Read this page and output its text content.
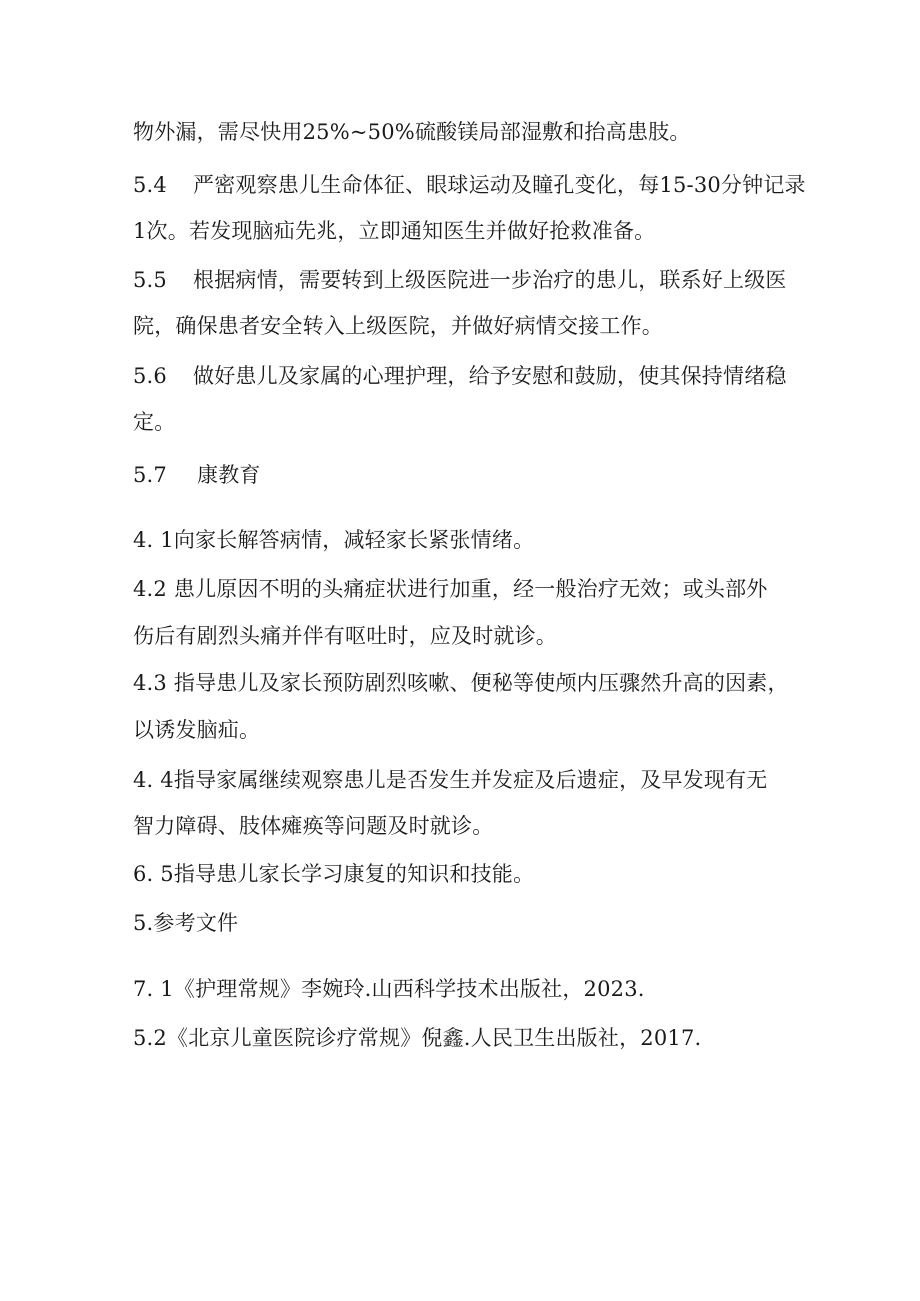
物外漏，需尽快用25%~50%硫酸镁局部湿敷和抬高患肢。
5.4 严密观察患儿生命体征、眼球运动及瞳孔变化，每15-30分钟记录
1次。若发现脑疝先兆，立即通知医生并做好抢救准备。
5.5 根据病情，需要转到上级医院进一步治疗的患儿，联系好上级医
院，确保患者安全转入上级医院，并做好病情交接工作。
5.6 做好患儿及家属的心理护理，给予安慰和鼓励，使其保持情绪稳
定。
5.7 康教育
4. 1向家长解答病情，减轻家长紧张情绪。
4.2 患儿原因不明的头痛症状进行加重，经一般治疗无效；或头部外
伤后有剧烈头痛并伴有呕吐时，应及时就诊。
4.3 指导患儿及家长预防剧烈咳嗽、便秘等使颅内压骤然升高的因素，
以诱发脑疝。
4. 4指导家属继续观察患儿是否发生并发症及后遗症，及早发现有无
智力障碍、肢体瘫痪等问题及时就诊。
6. 5指导患儿家长学习康复的知识和技能。
5.参考文件
7. 1《护理常规》李婉玲.山西科学技术出版社，2023.
5.2《北京儿童医院诊疗常规》倪鑫.人民卫生出版社，2017.
